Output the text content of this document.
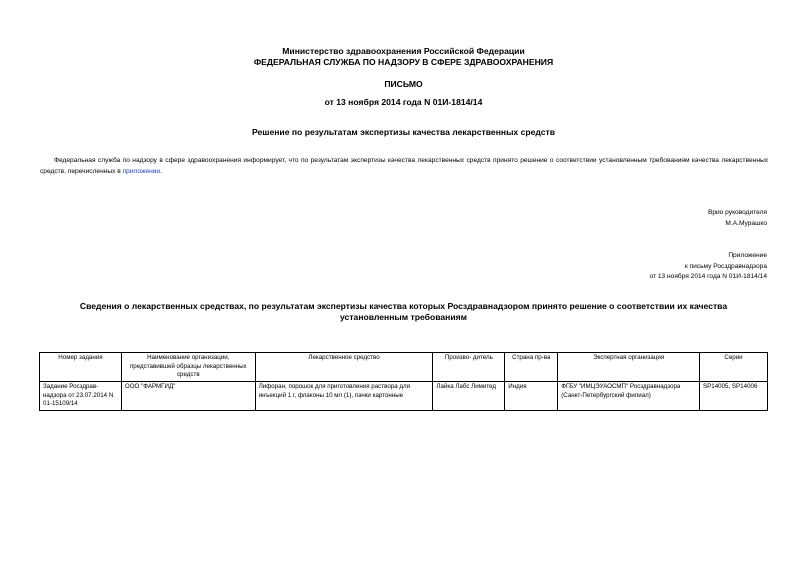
Министерство здравоохранения Российской Федерации
ФЕДЕРАЛЬНАЯ СЛУЖБА ПО НАДЗОРУ В СФЕРЕ ЗДРАВООХРАНЕНИЯ
ПИСЬМО
от 13 ноября 2014 года N 01И-1814/14
Решение по результатам экспертизы качества лекарственных средств
Федеральная служба по надзору в сфере здравоохранения информирует, что по результатам экспертизы качества лекарственных средств принято решение о соответствии установленным требованиям качества лекарственных средств, перечисленных в приложении.
Врио руководителя
М.А.Мурашко
Приложение
к письму Росздравнадзора
от 13 ноября 2014 года N 01И-1814/14
Сведения о лекарственных средствах, по результатам экспертизы качества которых Росздравнадзором принято решение о соответствии их качества установленным требованиям
Номер задания	Наименование организации, представившей образцы лекарственных средств	Лекарственное средство	Произво- дитель	Страна пр-ва	Экспертная организация	Серии
Задание Росздрав- надзора от 23.07.2014 N 01-15109/14	ООО "ФАРМГИД"	Лифоран, порошок для приготовления раствора для инъекций 1 г, флаконы 10 мл (1), пачки картонные	Лайка Лабс Лимитед	Индия	ФГБУ "ИМЦЭУАОСМП" Росздравнадзора (Санкт-Петербургский филиал)	SP14005, SP14006
